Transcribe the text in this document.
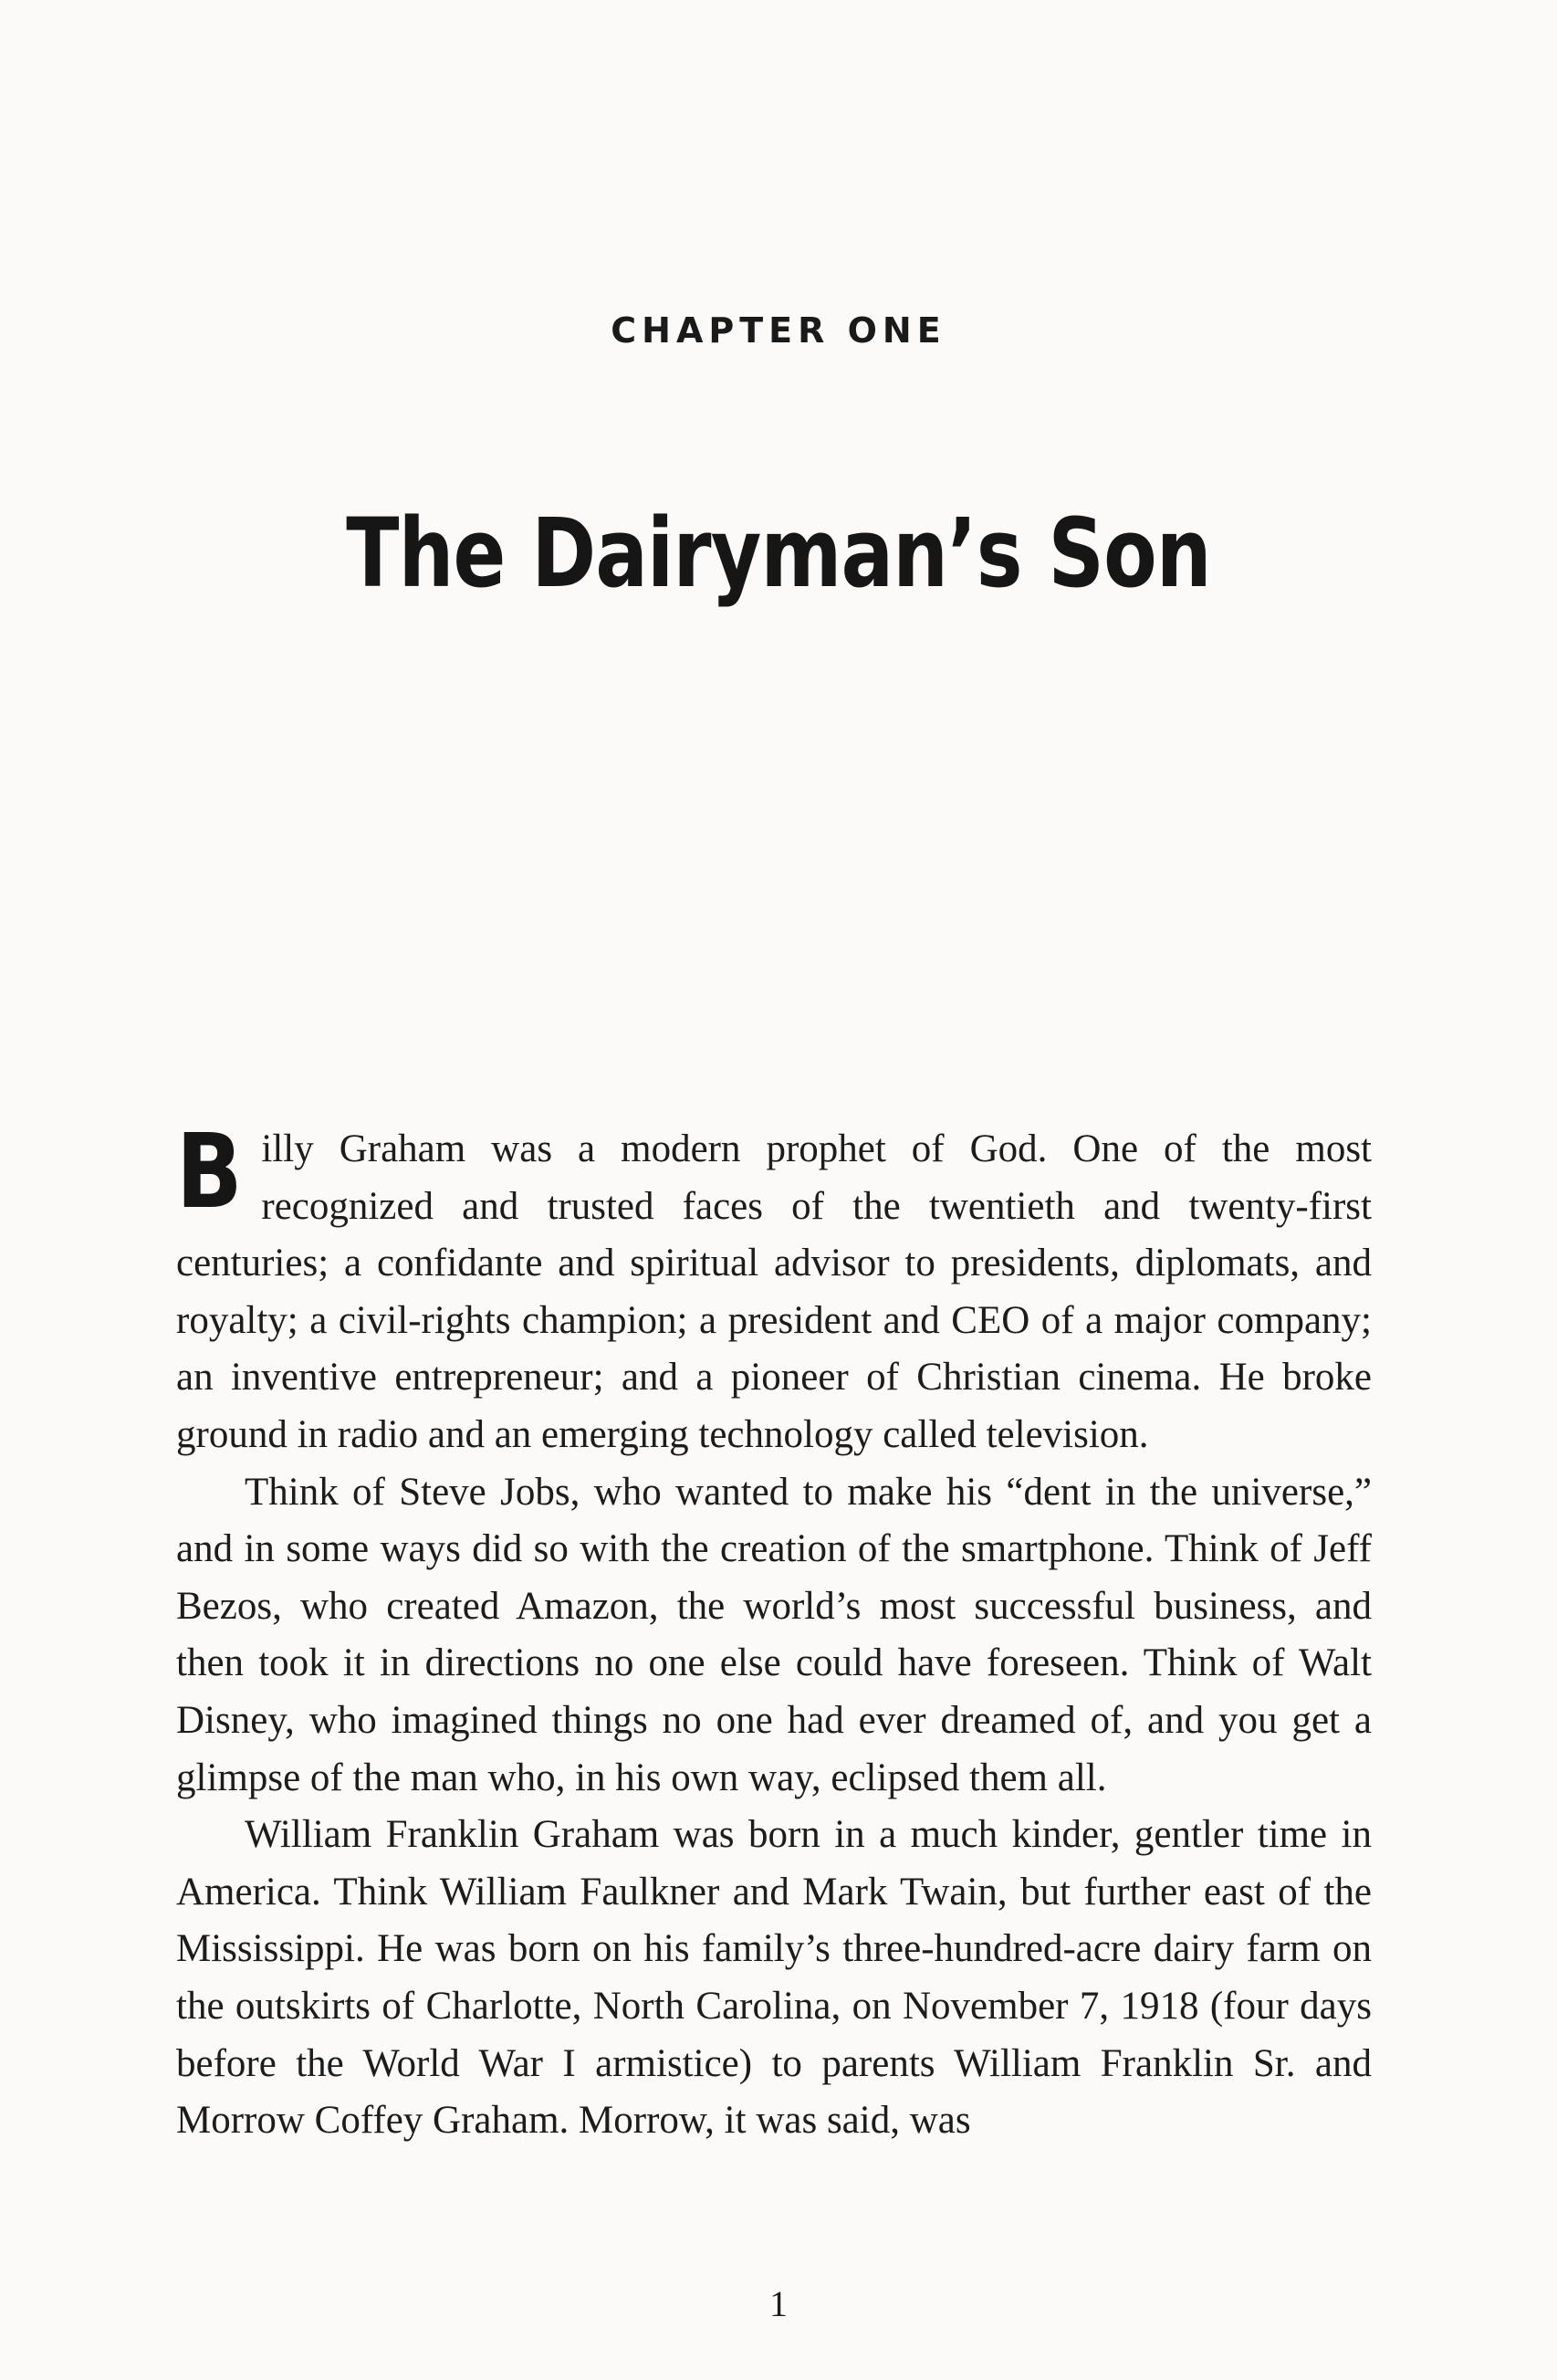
CHAPTER ONE
The Dairyman’s Son

Billy Graham was a modern prophet of God. One of the most recognized and trusted faces of the twentieth and twenty-first centuries; a confidante and spiritual advisor to presidents, diplomats, and royalty; a civil-rights champion; a president and CEO of a major company; an inventive entrepreneur; and a pioneer of Christian cinema. He broke ground in radio and an emerging technology called television.

Think of Steve Jobs, who wanted to make his “dent in the universe,” and in some ways did so with the creation of the smartphone. Think of Jeff Bezos, who created Amazon, the world’s most successful business, and then took it in directions no one else could have foreseen. Think of Walt Disney, who imagined things no one had ever dreamed of, and you get a glimpse of the man who, in his own way, eclipsed them all.

William Franklin Graham was born in a much kinder, gentler time in America. Think William Faulkner and Mark Twain, but further east of the Mississippi. He was born on his family’s three-hundred-acre dairy farm on the outskirts of Charlotte, North Carolina, on November 7, 1918 (four days before the World War I armistice) to parents William Franklin Sr. and Morrow Coffey Graham. Morrow, it was said, was

1
